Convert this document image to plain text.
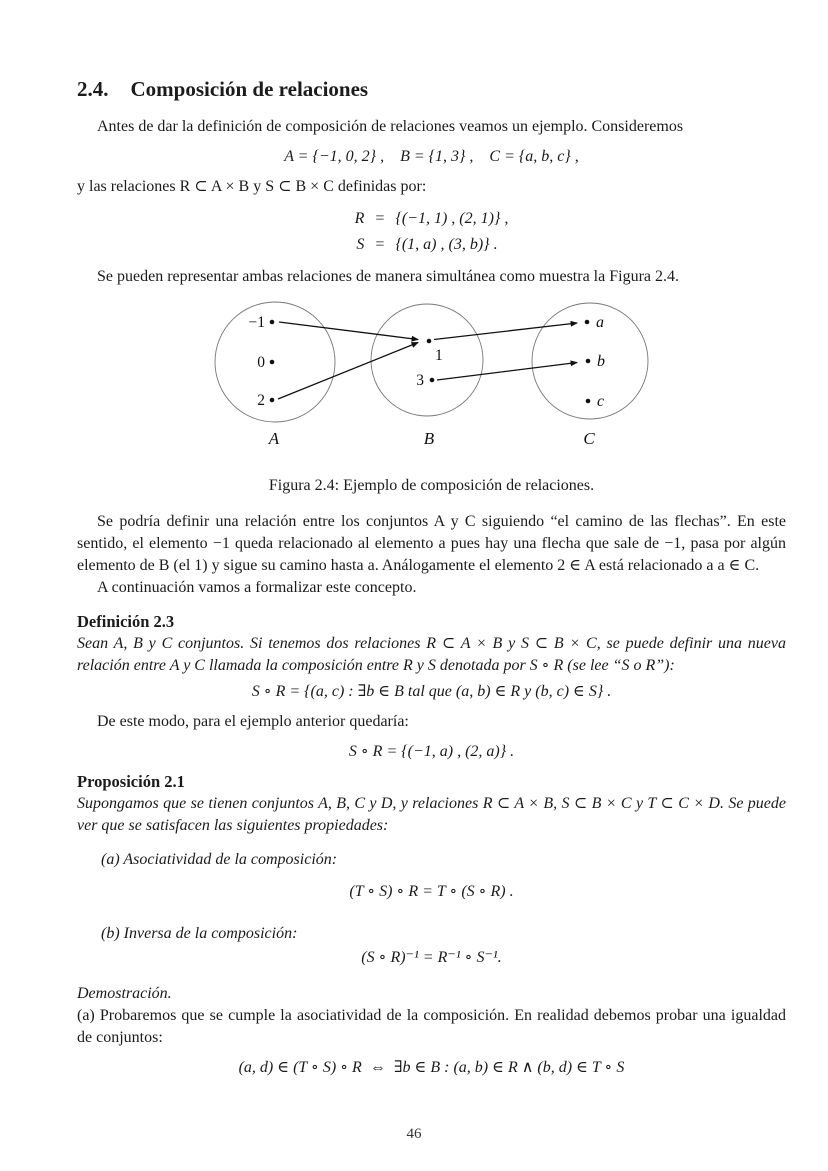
2.4. Composición de relaciones

Antes de dar la definición de composición de relaciones veamos un ejemplo. Consideremos

A = {−1, 0, 2} , B = {1, 3} , C = {a, b, c} ,

y las relaciones R ⊂ A × B y S ⊂ B × C definidas por:

R	=	{(−1, 1) , (2, 1)} ,
S	=	{(1, a) , (3, b)} .

Se pueden representar ambas relaciones de manera simultánea como muestra la Figura 2.4.

−1
0
2
1
3
a
b
c
A	B	C
Figura 2.4: Ejemplo de composición de relaciones.

Se podría definir una relación entre los conjuntos A y C siguiendo “el camino de las flechas”. En este sentido, el elemento −1 queda relacionado al elemento a pues hay una flecha que sale de −1, pasa por algún elemento de B (el 1) y sigue su camino hasta a. Análogamente el elemento 2 ∈ A está relacionado a a ∈ C.

A continuación vamos a formalizar este concepto.

Definición 2.3

Sean A, B y C conjuntos. Si tenemos dos relaciones R ⊂ A × B y S ⊂ B × C, se puede definir una nueva relación entre A y C llamada la composición entre R y S denotada por S ∘ R (se lee “S o R”):

S ∘ R = {(a, c) : ∃b ∈ B tal que (a, b) ∈ R y (b, c) ∈ S} .

De este modo, para el ejemplo anterior quedaría:

S ∘ R = {(−1, a) , (2, a)} .
Proposición 2.1

Supongamos que se tienen conjuntos A, B, C y D, y relaciones R ⊂ A × B, S ⊂ B × C y T ⊂ C × D. Se puede ver que se satisfacen las siguientes propiedades:

(a) Asociatividad de la composición:

(T ∘ S) ∘ R = T ∘ (S ∘ R) .

(b) Inversa de la composición:

(S ∘ R)⁻¹ = R⁻¹ ∘ S⁻¹.

Demostración.

(a) Probaremos que se cumple la asociatividad de la composición. En realidad debemos probar una igualdad de conjuntos:

(a, d) ∈ (T ∘ S) ∘ R ⇔ ∃b ∈ B : (a, b) ∈ R ∧ (b, d) ∈ T ∘ S
46
